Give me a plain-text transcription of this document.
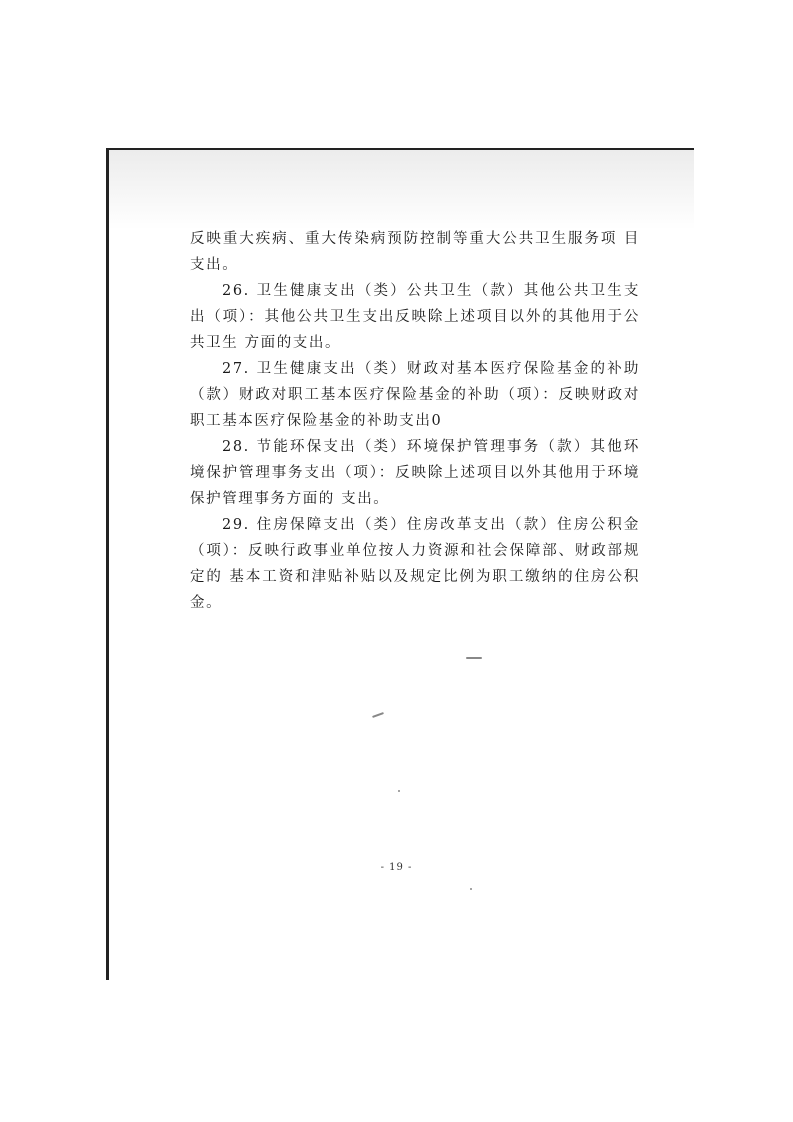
反映重大疾病、重大传染病预防控制等重大公共卫生服务项 目支出。

26. 卫生健康支出（类）公共卫生（款）其他公共卫生支出（项）：其他公共卫生支出反映除上述项目以外的其他用于公共卫生 方面的支出。

27. 卫生健康支出（类）财政对基本医疗保险基金的补助（款）财政对职工基本医疗保险基金的补助（项）：反映财政对职工基本医疗保险基金的补助支出0

28. 节能环保支出（类）环境保护管理事务（款）其他环境保护管理事务支出（项）：反映除上述项目以外其他用于环境保护管理事务方面的 支出。

29. 住房保障支出（类）住房改革支出（款）住房公积金（项）：反映行政事业单位按人力资源和社会保障部、财政部规定的 基本工资和津贴补贴以及规定比例为职工缴纳的住房公积金。

- 19 -
